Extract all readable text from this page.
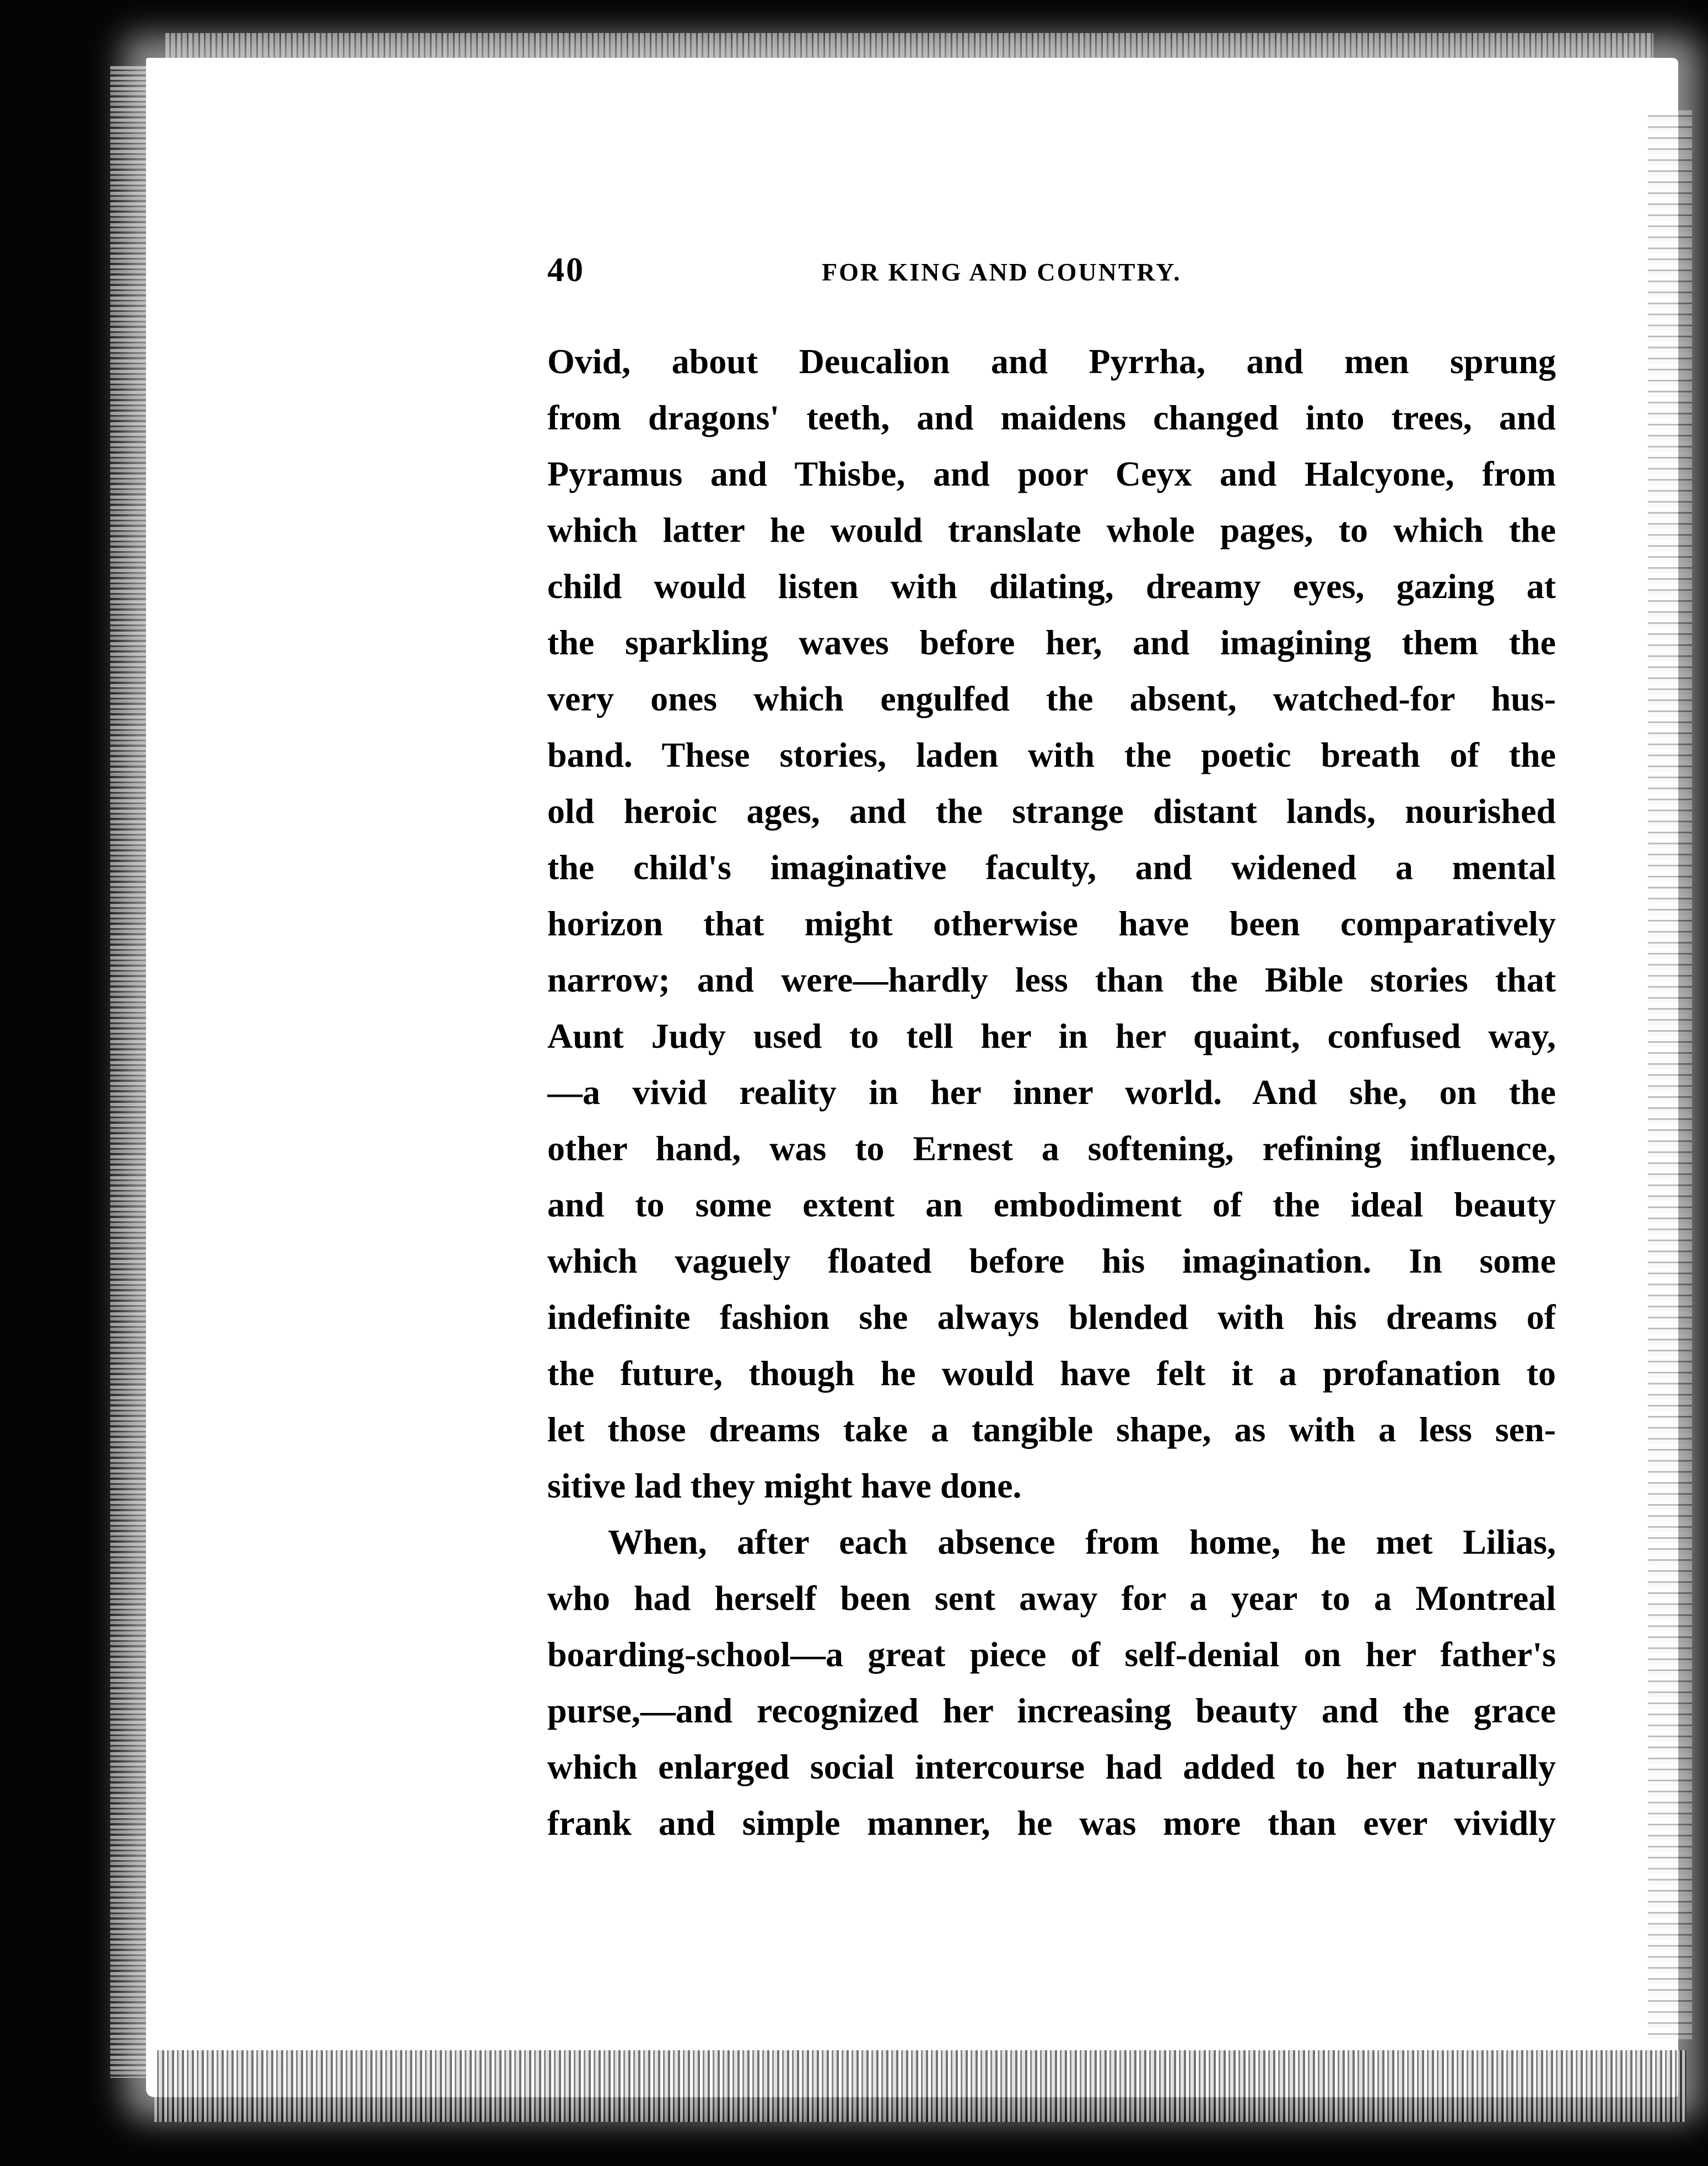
40	FOR KING AND COUNTRY.
Ovid, about Deucalion and Pyrrha, and men sprung
from dragons' teeth, and maidens changed into trees, and
Pyramus and Thisbe, and poor Ceyx and Halcyone, from
which latter he would translate whole pages, to which the
child would listen with dilating, dreamy eyes, gazing at
the sparkling waves before her, and imagining them the
very ones which engulfed the absent, watched-for hus-
band. These stories, laden with the poetic breath of the
old heroic ages, and the strange distant lands, nourished
the child's imaginative faculty, and widened a mental
horizon that might otherwise have been comparatively
narrow; and were—hardly less than the Bible stories that
Aunt Judy used to tell her in her quaint, confused way,
—a vivid reality in her inner world. And she, on the
other hand, was to Ernest a softening, refining influence,
and to some extent an embodiment of the ideal beauty
which vaguely floated before his imagination. In some
indefinite fashion she always blended with his dreams of
the future, though he would have felt it a profanation to
let those dreams take a tangible shape, as with a less sen-
sitive lad they might have done.
When, after each absence from home, he met Lilias,
who had herself been sent away for a year to a Montreal
boarding-school—a great piece of self-denial on her father's
purse,—and recognized her increasing beauty and the grace
which enlarged social intercourse had added to her naturally
frank and simple manner, he was more than ever vividly
